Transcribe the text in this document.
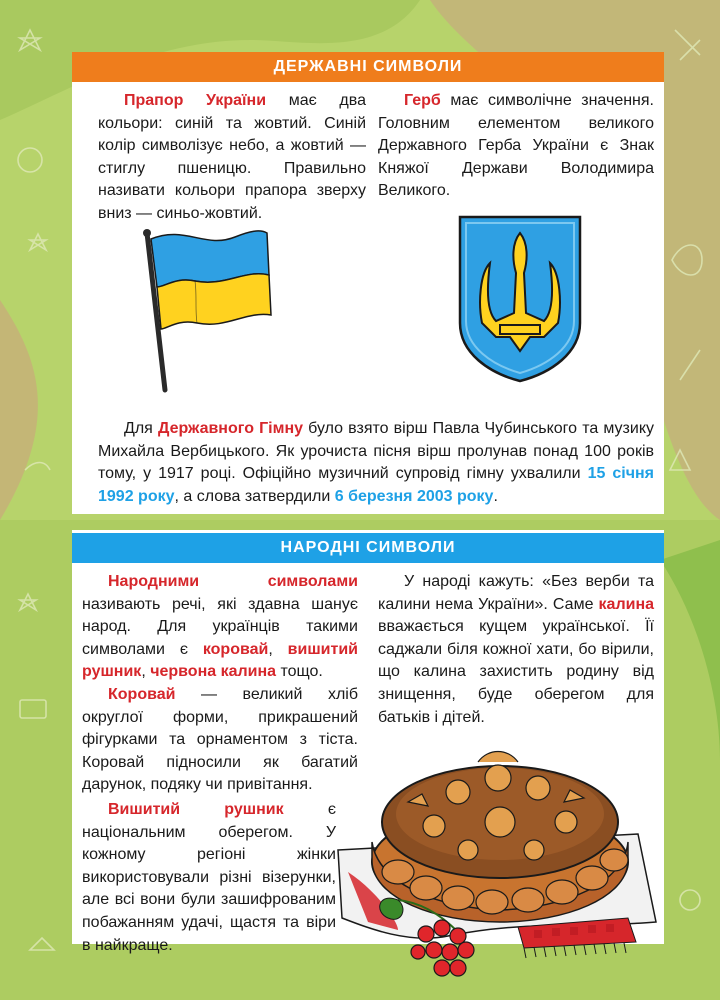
ДЕРЖАВНІ СИМВОЛИ
НАРОДНІ СИМВОЛИ
Прапор України має два кольори: синій та жовтий. Синій колір символізує небо, а жовтий — стиглу пшеницю. Правильно називати кольори прапора зверху вниз — синьо-жовтий.
Герб має символічне значення. Головним елементом великого Державного Герба України є Знак Княжої Держави Володимира Великого.
Для Державного Гімну було взято вірш Павла Чубинського та музику Михайла Вербицького. Як урочиста пісня вірш пролунав понад 100 років тому, у 1917 році. Офіційно музичний супровід гімну ухвалили 15 січня 1992 року, а слова затвердили 6 березня 2003 року.

Народними символами називають речі, які здавна шанує народ. Для українців такими символами є коровай, вишитий рушник, червона калина тощо.

Коровай — великий хліб округлої форми, прикрашений фігурками та орнаментом з тіста. Коровай підносили як багатий дарунок, подяку чи привітання.

Вишитий рушник є національним оберегом. У кожному регіоні жінки використовували різні візерунки, але всі вони були зашифрованим побажанням удачі, щастя та віри в найкраще.
У народі кажуть: «Без верби та калини нема України». Саме калина вважається кущем української. Її саджали біля кожної хати, бо вірили, що калина захистить родину від знищення, буде оберегом для батьків і дітей.
